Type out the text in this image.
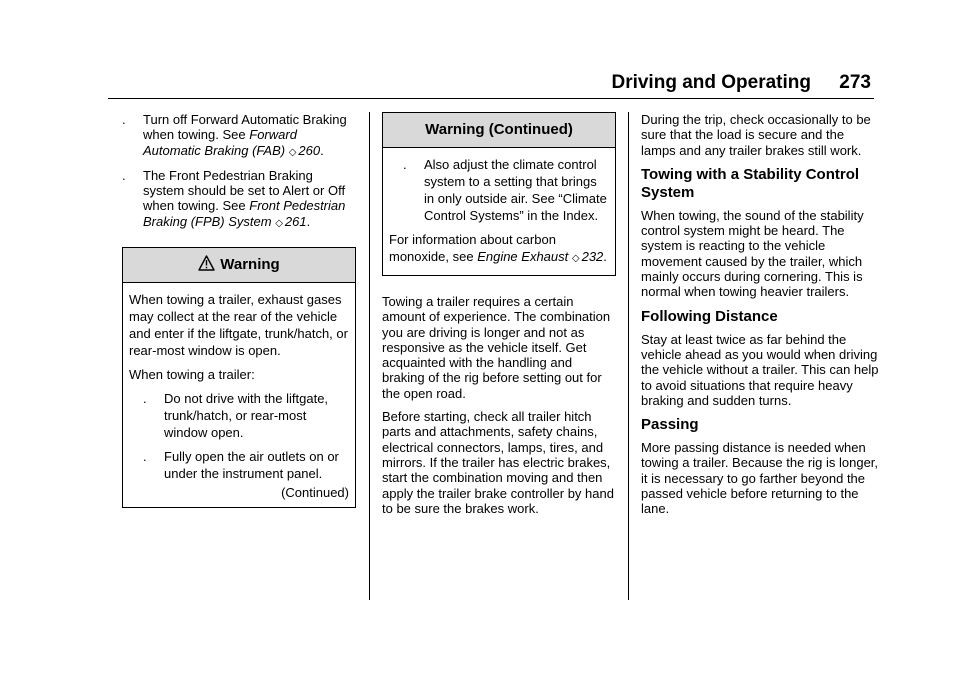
Driving and Operating 273
. Turn off Forward Automatic Braking when towing. See Forward Automatic Braking (FAB) ◇ 260.
. The Front Pedestrian Braking system should be set to Alert or Off when towing. See Front Pedestrian Braking (FPB) System ◇ 261.
Warning

When towing a trailer, exhaust gases may collect at the rear of the vehicle and enter if the liftgate, trunk/hatch, or rear-most window is open.

When towing a trailer:

. Do not drive with the liftgate, trunk/hatch, or rear-most window open.
. Fully open the air outlets on or under the instrument panel.
(Continued)
Warning (Continued)
. Also adjust the climate control system to a setting that brings in only outside air. See “Climate Control Systems” in the Index.

For information about carbon monoxide, see Engine Exhaust ◇ 232.

Towing a trailer requires a certain amount of experience. The combination you are driving is longer and not as responsive as the vehicle itself. Get acquainted with the handling and braking of the rig before setting out for the open road.

Before starting, check all trailer hitch parts and attachments, safety chains, electrical connectors, lamps, tires, and mirrors. If the trailer has electric brakes, start the combination moving and then apply the trailer brake controller by hand to be sure the brakes work.

During the trip, check occasionally to be sure that the load is secure and the lamps and any trailer brakes still work.

Towing with a Stability Control System

When towing, the sound of the stability control system might be heard. The system is reacting to the vehicle movement caused by the trailer, which mainly occurs during cornering. This is normal when towing heavier trailers.

Following Distance

Stay at least twice as far behind the vehicle ahead as you would when driving the vehicle without a trailer. This can help to avoid situations that require heavy braking and sudden turns.

Passing

More passing distance is needed when towing a trailer. Because the rig is longer, it is necessary to go farther beyond the passed vehicle before returning to the lane.
